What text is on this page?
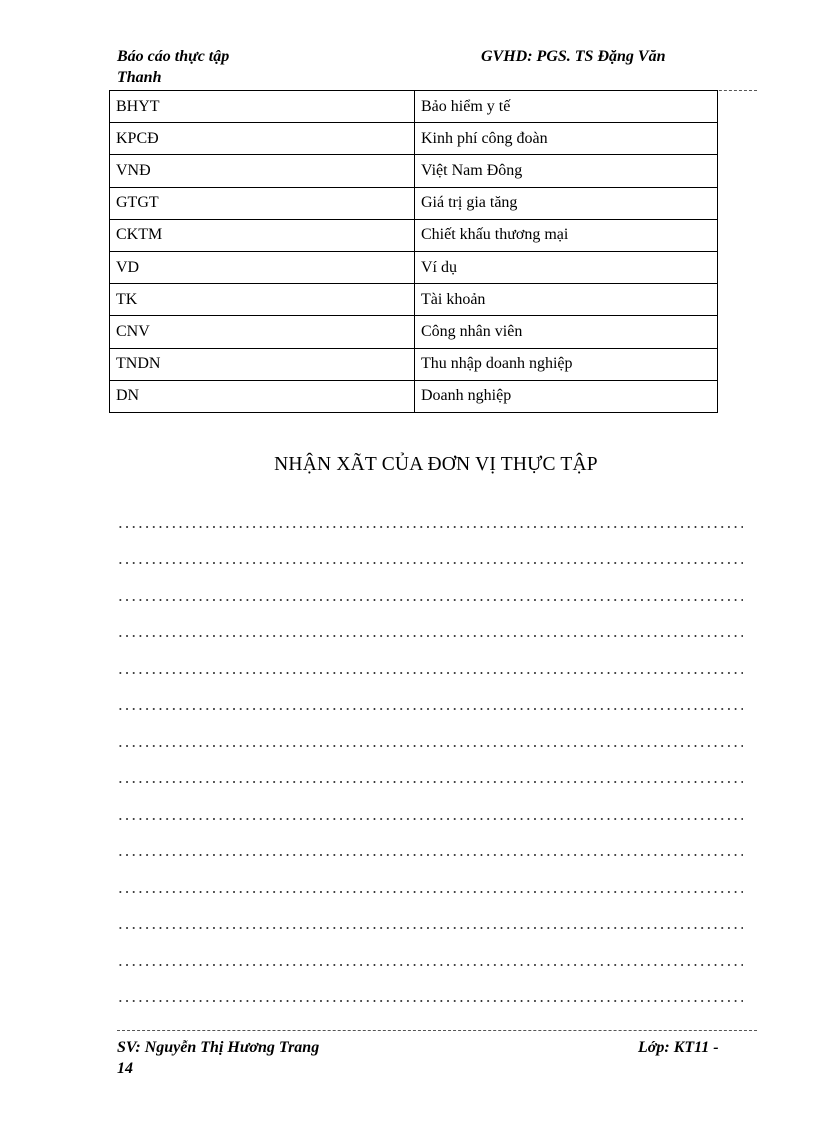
Báo cáo thực tập	GVHD: PGS. TS Đặng Văn
Thanh
BHYT	Bảo hiểm y tế
KPCĐ	Kinh phí công đoàn
VNĐ	Việt Nam Đông
GTGT	Giá trị gia tăng
CKTM	Chiết khấu thương mại
VD	Ví dụ
TK	Tài khoản
CNV	Công nhân viên
TNDN	Thu nhập doanh nghiệp
DN	Doanh nghiệp
NHẬN XÃT CỦA ĐƠN VỊ THỰC TẬP
SV: Nguyễn Thị Hương Trang	Lớp: KT11 -
14
